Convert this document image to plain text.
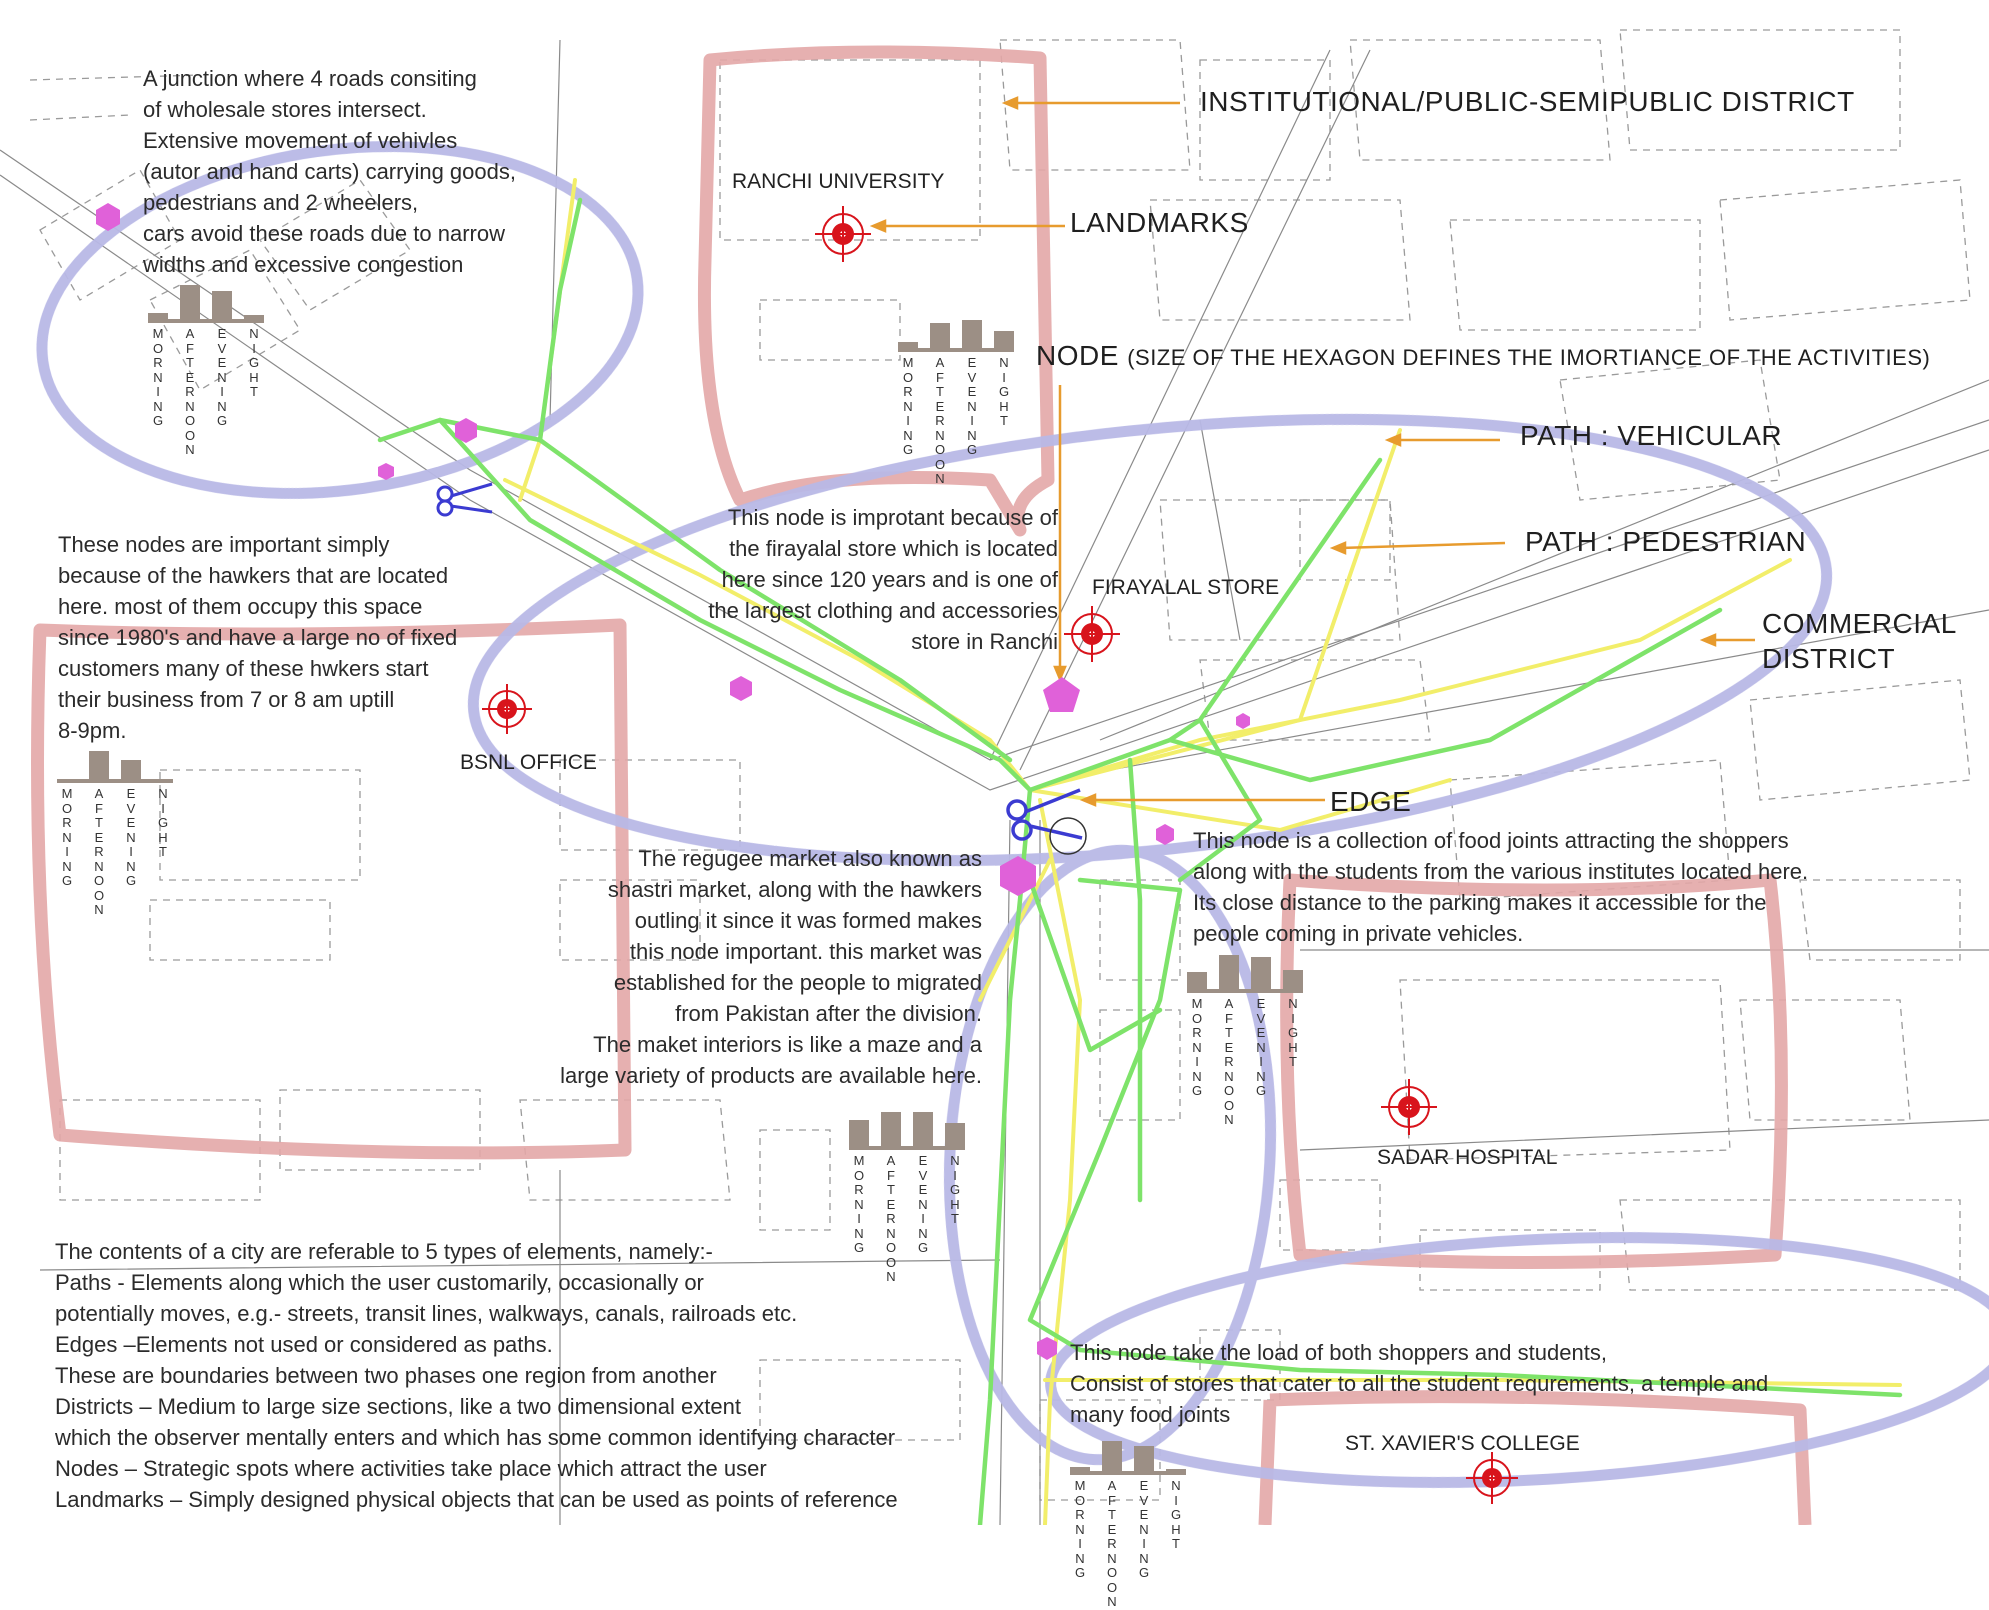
INSTITUTIONAL/PUBLIC-SEMIPUBLIC DISTRICT
LANDMARKS
NODE (SIZE OF THE HEXAGON DEFINES THE IMORTIANCE OF THE ACTIVITIES)
PATH : VEHICULAR
PATH : PEDESTRIAN
COMMERCIAL
DISTRICT
EDGE
RANCHI UNIVERSITY
FIRAYALAL STORE
BSNL OFFICE
SADAR HOSPITAL
ST. XAVIER'S COLLEGE
A junction where 4 roads consiting
of wholesale stores intersect.
Extensive movement of vehivles
(autor and hand carts) carrying goods,
pedestrians and 2 wheelers,
cars avoid these roads due to narrow
widths and excessive congestion
These nodes are important simply
because of the hawkers that are located
here. most of them occupy this space
since 1980's and have a large no of fixed
customers many of these hwkers start
their business from 7 or 8 am uptill
8-9pm.
This node is improtant because of
the firayalal store which is located
here since 120 years and is one of
the largest clothing and accessories
store in Ranchi
The regugee market also known as
shastri market, along with the hawkers
outling it since it was formed makes
this node important. this market was
established for the people to migrated
from Pakistan after the division.
The maket interiors is like a maze and a
large variety of products are available here.
This node is a collection of food joints attracting the shoppers
along with the students from the various institutes located here.
Its close distance to the parking makes it accessible for the
people coming in private vehicles.
This node take the load of both shoppers and students,
Consist of stores that cater to all the student requrements, a temple and
many food joints
The contents of a city are referable to 5 types of elements, namely:-
Paths - Elements along which the user customarily, occasionally or
potentially moves, e.g.- streets, transit lines, walkways, canals, railroads etc.
Edges –Elements not used or considered as paths.
These are boundaries between two phases one region from another
Districts – Medium to large size sections, like a two dimensional extent
which the observer mentally enters and which has some common identifying character
Nodes – Strategic spots where activities take place which attract the user
Landmarks – Simply designed physical objects that can be used as points of reference
MORNING
AFTERNOON
EVENING
NIGHT
MORNING
AFTERNOON
EVENING
NIGHT
MORNING
AFTERNOON
EVENING
NIGHT
MORNING
AFTERNOON
EVENING
NIGHT
MORNING
AFTERNOON
EVENING
NIGHT
MORNING
AFTERNOON
EVENING
NIGHT
